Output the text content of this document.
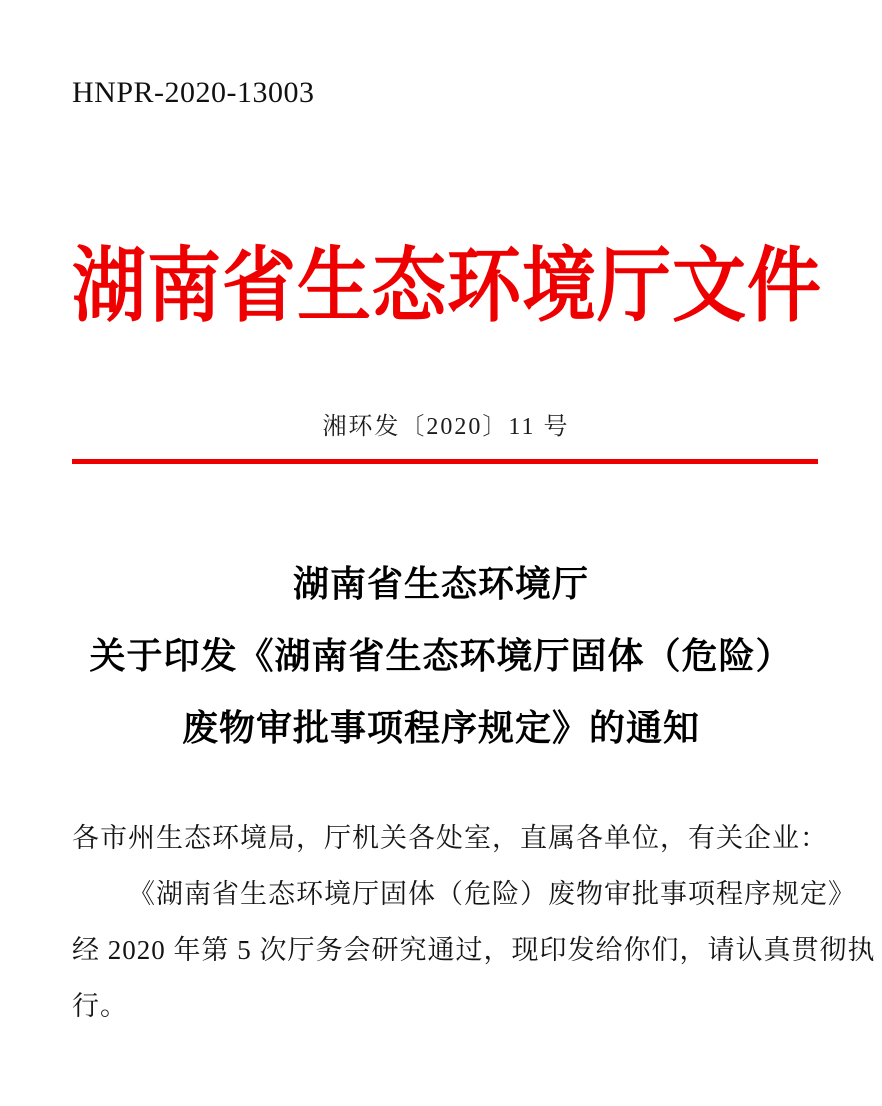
HNPR-2020-13003
湖南省生态环境厅文件
湘环发〔2020〕11 号
湖南省生态环境厅
关于印发《湖南省生态环境厅固体（危险）
废物审批事项程序规定》的通知
各市州生态环境局，厅机关各处室，直属各单位，有关企业：
《湖南省生态环境厅固体（危险）废物审批事项程序规定》
经 2020 年第 5 次厅务会研究通过，现印发给你们，请认真贯彻执
行。
